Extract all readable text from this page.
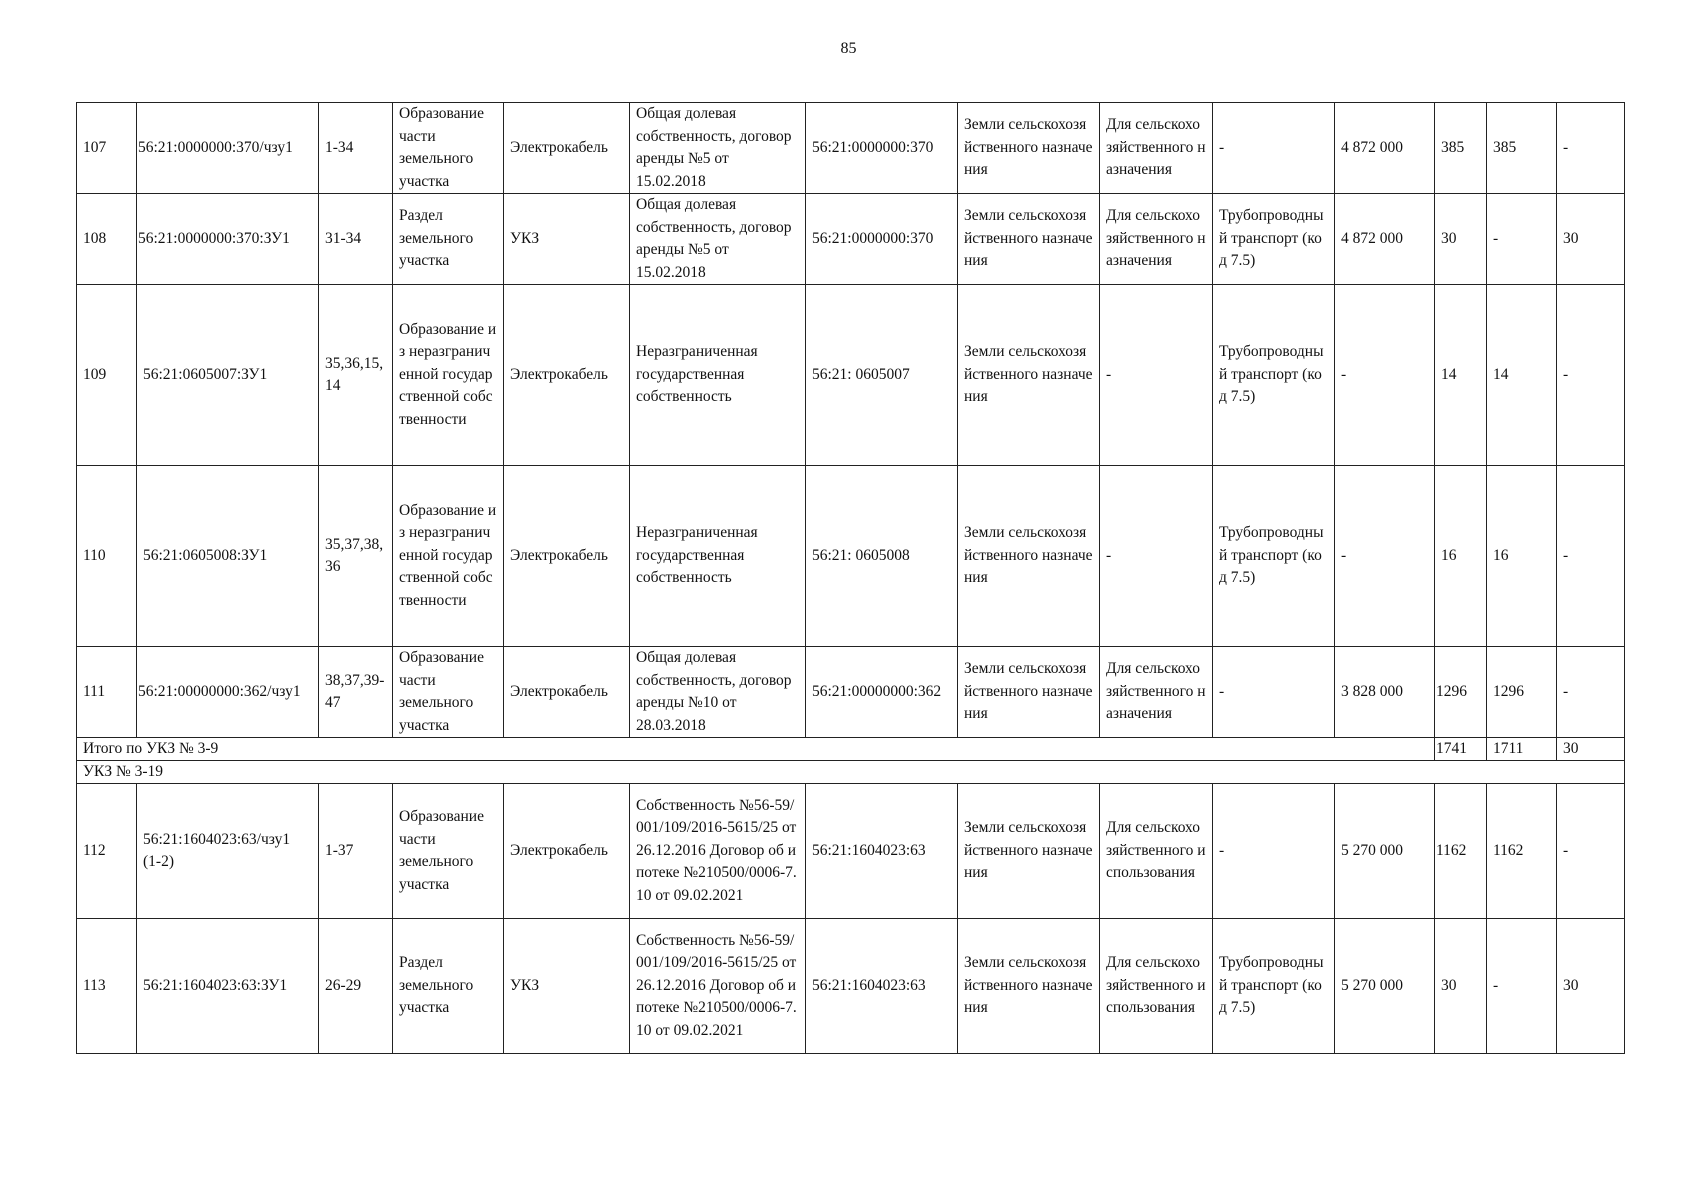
85
107	56:21:0000000:370/чзу1	1-34	Образование части земельного участка	Электрокабель	Общая долевая собственность, договор аренды №5 от 15.02.2018	56:21:0000000:370	Земли сельскохозяйственного назначения	Для сельскохозяйственного назначения	-	4 872 000	385	385	-
108	56:21:0000000:370:ЗУ1	31-34	Раздел земельного участка	УКЗ	Общая долевая собственность, договор аренды №5 от 15.02.2018	56:21:0000000:370	Земли сельскохозяйственного назначения	Для сельскохозяйственного назначения	Трубопроводный транспорт (код 7.5)	4 872 000	30	-	30
109	56:21:0605007:ЗУ1	35,36,15,14	Образование из неразграниченной государственной собственности	Электрокабель	Неразграниченная государственная собственность	56:21: 0605007	Земли сельскохозяйственного назначения	-	Трубопроводный транспорт (код 7.5)	-	14	14	-
110	56:21:0605008:ЗУ1	35,37,38,36	Образование из неразграниченной государственной собственности	Электрокабель	Неразграниченная государственная собственность	56:21: 0605008	Земли сельскохозяйственного назначения	-	Трубопроводный транспорт (код 7.5)	-	16	16	-
111	56:21:00000000:362/чзу1	38,37,39-47	Образование части земельного участка	Электрокабель	Общая долевая собственность, договор аренды №10 от 28.03.2018	56:21:00000000:362	Земли сельскохозяйственного назначения	Для сельскохозяйственного назначения	-	3 828 000	1296	1296	-
Итого по УКЗ № 3-9											1741	1711	30
УКЗ № 3-19													
112	56:21:1604023:63/чзу1 (1-2)	1-37	Образование части земельного участка	Электрокабель	Собственность №56-59/001/109/2016-5615/25 от 26.12.2016 Договор об ипотеке №210500/0006-7.10 от 09.02.2021	56:21:1604023:63	Земли сельскохозяйственного назначения	Для сельскохозяйственного использования	-	5 270 000	1162	1162	-
113	56:21:1604023:63:ЗУ1	26-29	Раздел земельного участка	УКЗ	Собственность №56-59/001/109/2016-5615/25 от 26.12.2016 Договор об ипотеке №210500/0006-7.10 от 09.02.2021	56:21:1604023:63	Земли сельскохозяйственного назначения	Для сельскохозяйственного использования	Трубопроводный транспорт (код 7.5)	5 270 000	30	-	30
